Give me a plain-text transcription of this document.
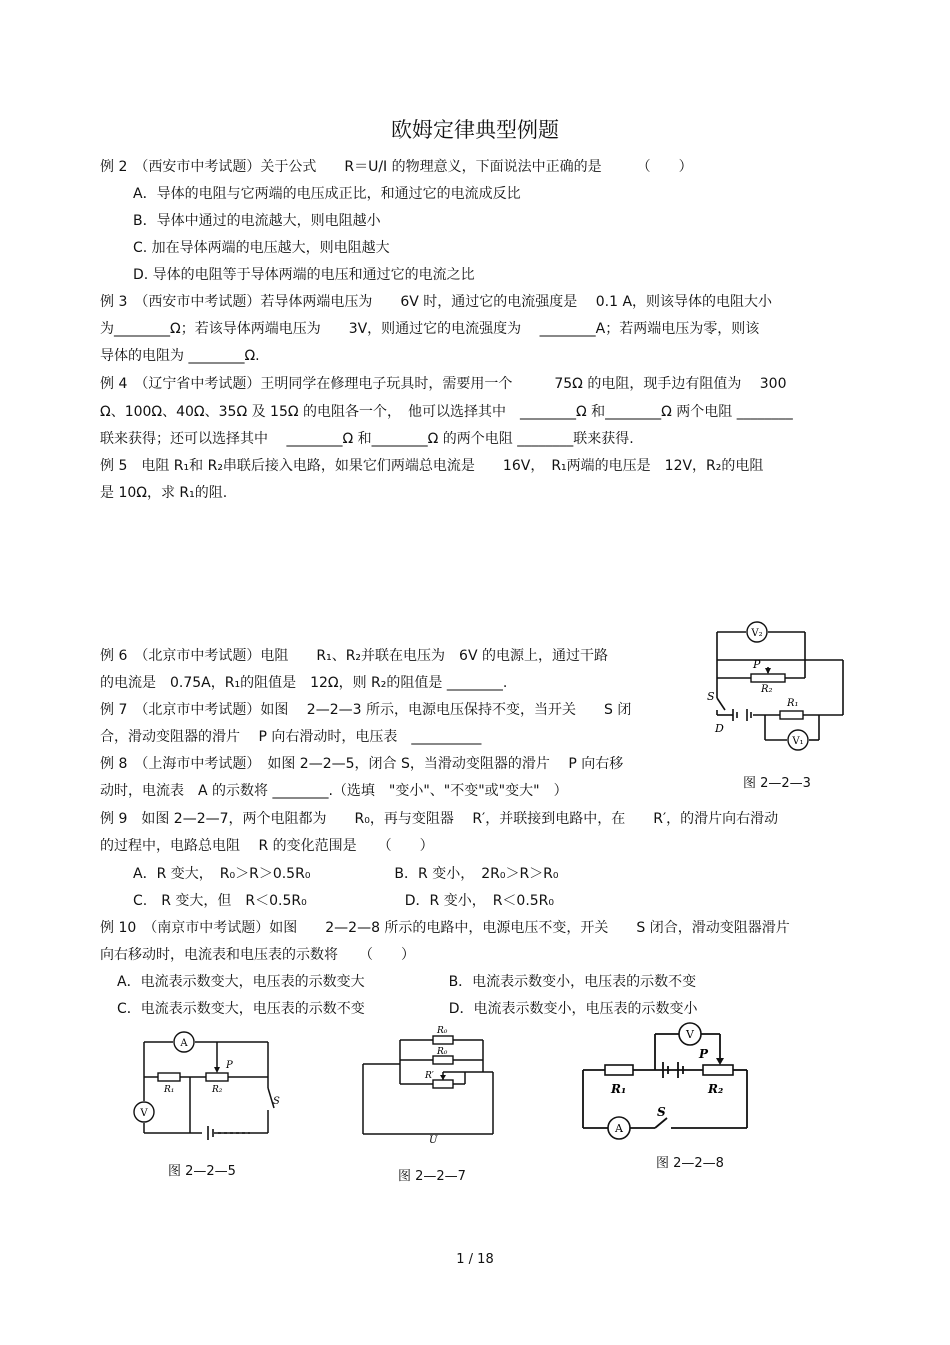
欧姆定律典型例题
例 2　（西安市中考试题）关于公式　　R＝U/I 的物理意义，下面说法中正确的是　　　（　　）
A．导体的电阻与它两端的电压成正比，和通过它的电流成反比
B．导体中通过的电流越大，则电阻越小
C. 加在导体两端的电压越大，则电阻越大
D. 导体的电阻等于导体两端的电压和通过它的电流之比
例 3　（西安市中考试题）若导体两端电压为　　6V 时，通过它的电流强度是　 0.1 A，则该导体的电阻大小
为________Ω；若该导体两端电压为　　3V，则通过它的电流强度为　 ________A；若两端电压为零，则该
导体的电阻为 ________Ω.
例 4　（辽宁省中考试题）王明同学在修理电子玩具时，需要用一个　　　75Ω 的电阻，现手边有阻值为　 300
Ω、100Ω、40Ω、35Ω 及 15Ω 的电阻各一个，　他可以选择其中　________Ω 和________Ω 两个电阻 ________
联来获得；还可以选择其中　 ________Ω 和________Ω 的两个电阻 ________联来获得.
例 5　电阻 R₁和 R₂串联后接入电路，如果它们两端总电流是　　16V，　R₁两端的电压是　12V，R₂的电阻
是 10Ω，求 R₁的阻.
例 6　（北京市中考试题）电阻　　R₁、R₂并联在电压为　6V 的电源上，通过干路
的电流是　0.75A，R₁的阻值是　12Ω，则 R₂的阻值是 ________.
例 7　（北京市中考试题）如图　 2—2—3 所示，电源电压保持不变，当开关　　S 闭
合，滑动变阻器的滑片　 P 向右滑动时，电压表　__________
例 8　（上海市中考试题）　如图 2—2—5，闭合 S，当滑动变阻器的滑片　 P 向右移
动时，电流表　A 的示数将 ________.（选填　"变小"、"不变"或"变大"　）
例 9　如图 2—2—7，两个电阻都为　　R₀，再与变阻器　 R′，并联接到电路中，在　　R′，的滑片向右滑动
的过程中，电路总电阻　 R 的变化范围是　　（　　）
A．R 变大，　R₀＞R＞0.5R₀　　　　　　B．R 变小，　2R₀＞R＞R₀
C.　R 变大，但　R＜0.5R₀　　　　　　　D．R 变小，　R＜0.5R₀
例 10　（南京市中考试题）如图　　2—2—8 所示的电路中，电源电压不变，开关　　S 闭合，滑动变阻器滑片
向右移动时，电流表和电压表的示数将　　（　　）
A．电流表示数变大，电压表的示数变大　　　　　　B．电流表示数变小，电压表的示数不变
C．电流表示数变大，电压表的示数不变　　　　　　D．电流表示数变小，电压表的示数变小
V₂
P
R₂
S
D
R₁
V₁
图 2—2—3
A
P
R₁	R₂
V
S
图 2—2—5
R₀
R₀
R′
U
图 2—2—7
V
P
R₁	R₂
A
S
图 2—2—8
1 / 18
